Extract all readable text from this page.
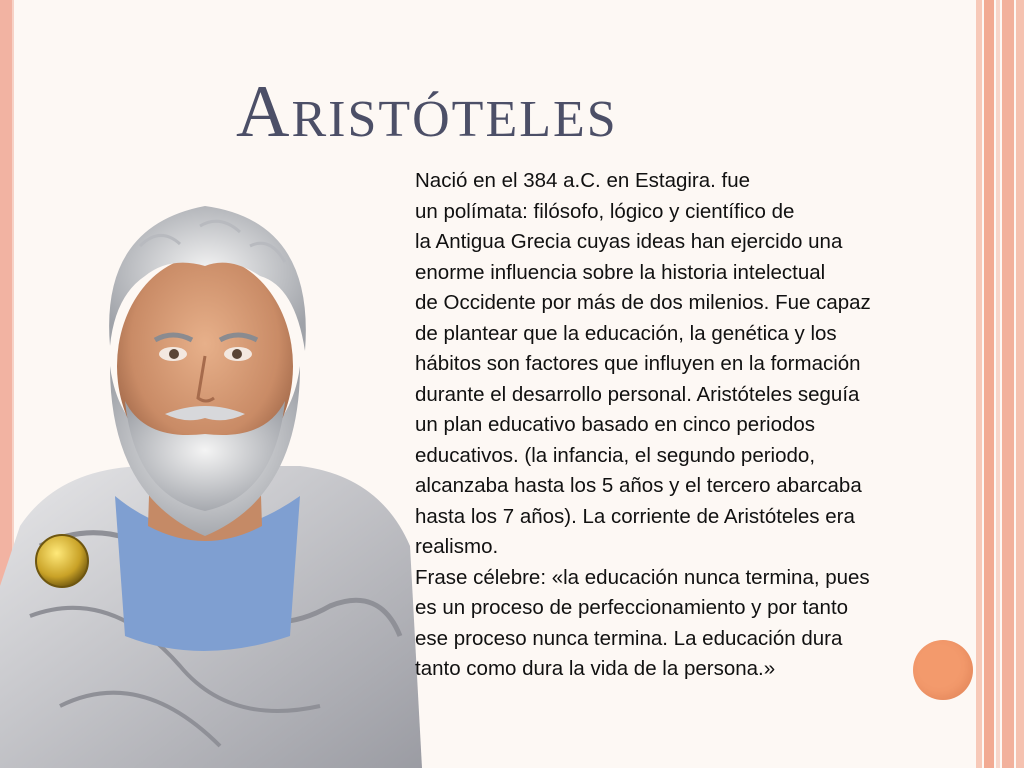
Aristóteles
Nació en el 384 a.C. en Estagira. fue
un polímata: filósofo, lógico y científico de
la Antigua Grecia cuyas ideas han ejercido una
enorme influencia sobre la historia intelectual
de Occidente por más de dos milenios. Fue capaz
de plantear que la educación, la genética y los
hábitos son factores que influyen en la formación
durante el desarrollo personal. Aristóteles seguía
un plan educativo basado en cinco periodos
educativos. (la infancia, el segundo periodo,
alcanzaba hasta los 5 años y el tercero abarcaba
hasta los 7 años). La corriente de Aristóteles era
realismo.
Frase célebre: «la educación nunca termina, pues
es un proceso de perfeccionamiento y por tanto
ese proceso nunca termina. La educación dura
tanto como dura la vida de la persona.»
